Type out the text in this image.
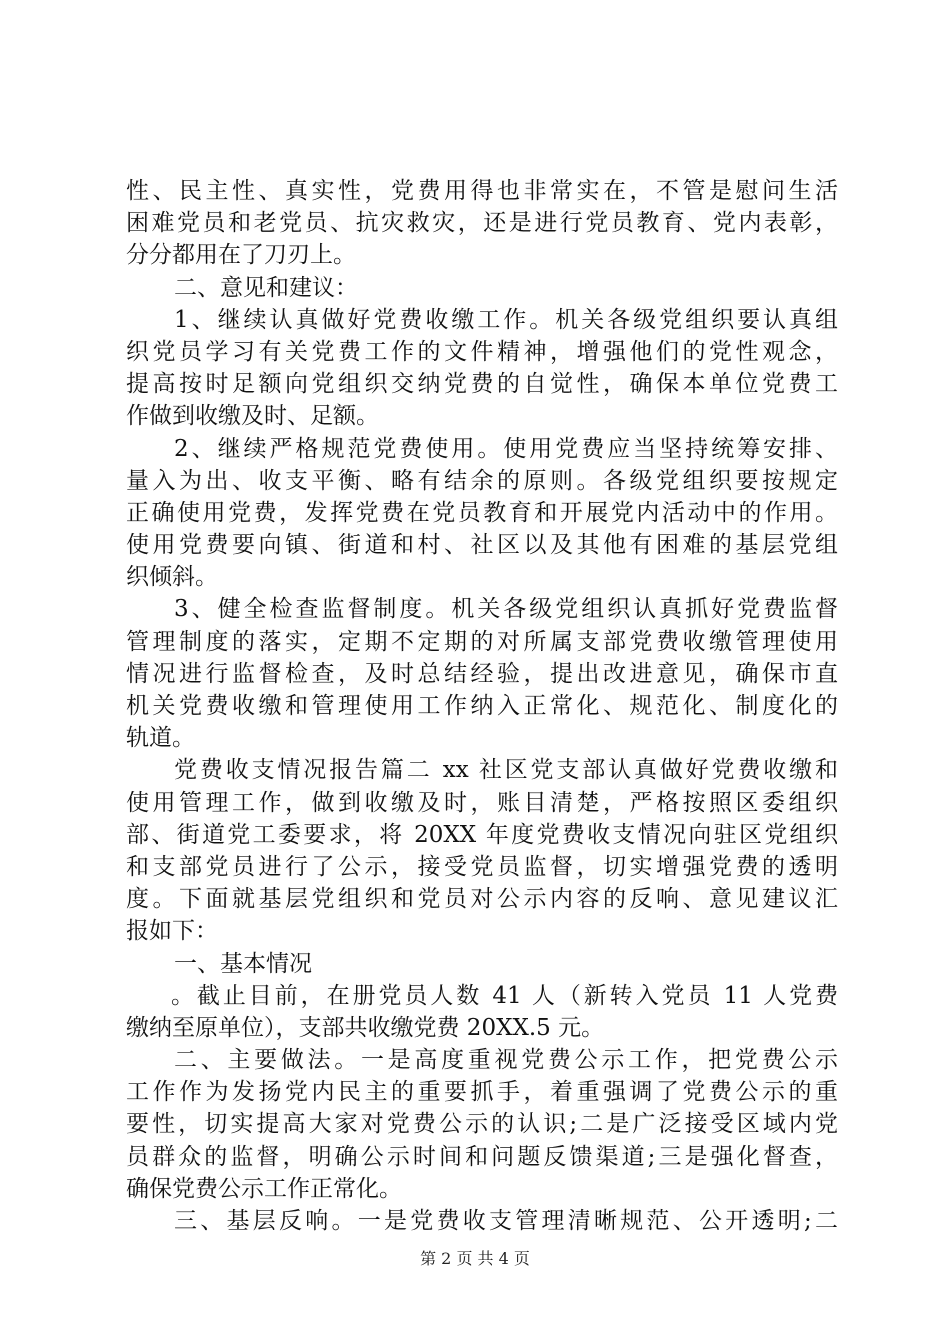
性、民主性、真实性，党费用得也非常实在，不管是慰问生活
困难党员和老党员、抗灾救灾，还是进行党员教育、党内表彰，
分分都用在了刀刃上。
二、意见和建议：
1、继续认真做好党费收缴工作。机关各级党组织要认真组
织党员学习有关党费工作的文件精神，增强他们的党性观念，
提高按时足额向党组织交纳党费的自觉性，确保本单位党费工
作做到收缴及时、足额。
2、继续严格规范党费使用。使用党费应当坚持统筹安排、
量入为出、收支平衡、略有结余的原则。各级党组织要按规定
正确使用党费，发挥党费在党员教育和开展党内活动中的作用。
使用党费要向镇、街道和村、社区以及其他有困难的基层党组
织倾斜。
3、健全检查监督制度。机关各级党组织认真抓好党费监督
管理制度的落实，定期不定期的对所属支部党费收缴管理使用
情况进行监督检查，及时总结经验，提出改进意见，确保市直
机关党费收缴和管理使用工作纳入正常化、规范化、制度化的
轨道。
党费收支情况报告篇二 xx 社区党支部认真做好党费收缴和
使用管理工作，做到收缴及时，账目清楚，严格按照区委组织
部、街道党工委要求，将 20XX 年度党费收支情况向驻区党组织
和支部党员进行了公示，接受党员监督，切实增强党费的透明
度。下面就基层党组织和党员对公示内容的反响、意见建议汇
报如下：
一、基本情况
。截止目前，在册党员人数 41 人（新转入党员 11 人党费
缴纳至原单位），支部共收缴党费 20XX.5 元。
二、主要做法。一是高度重视党费公示工作，把党费公示
工作作为发扬党内民主的重要抓手，着重强调了党费公示的重
要性，切实提高大家对党费公示的认识;二是广泛接受区域内党
员群众的监督，明确公示时间和问题反馈渠道;三是强化督查，
确保党费公示工作正常化。
三、基层反响。一是党费收支管理清晰规范、公开透明;二
第 2 页 共 4 页
